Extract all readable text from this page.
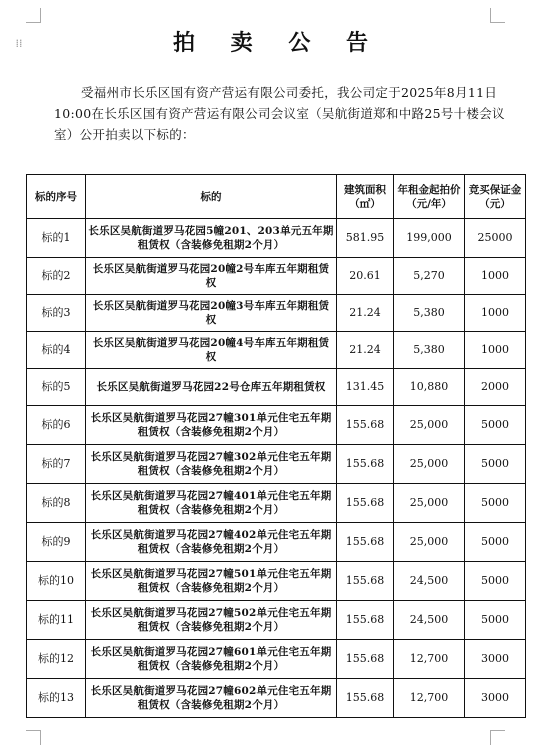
⁞⁞	拍 卖 公 告
受福州市长乐区国有资产营运有限公司委托，我公司定于2025年8月11日10:00在长乐区国有资产营运有限公司会议室（吴航街道郑和中路25号十楼会议室）公开拍卖以下标的：
标的序号	标的	建筑面积（㎡）	年租金起拍价（元/年）	竞买保证金（元）
标的1	长乐区吴航街道罗马花园5幢201、203单元五年期租赁权（含装修免租期2个月）	581.95	199,000	25000
标的2	长乐区吴航街道罗马花园20幢2号车库五年期租赁权	20.61	5,270	1000
标的3	长乐区吴航街道罗马花园20幢3号车库五年期租赁权	21.24	5,380	1000
标的4	长乐区吴航街道罗马花园20幢4号车库五年期租赁权	21.24	5,380	1000
标的5	长乐区吴航街道罗马花园22号仓库五年期租赁权	131.45	10,880	2000
标的6	长乐区吴航街道罗马花园27幢301单元住宅五年期租赁权（含装修免租期2个月）	155.68	25,000	5000
标的7	长乐区吴航街道罗马花园27幢302单元住宅五年期租赁权（含装修免租期2个月）	155.68	25,000	5000
标的8	长乐区吴航街道罗马花园27幢401单元住宅五年期租赁权（含装修免租期2个月）	155.68	25,000	5000
标的9	长乐区吴航街道罗马花园27幢402单元住宅五年期租赁权（含装修免租期2个月）	155.68	25,000	5000
标的10	长乐区吴航街道罗马花园27幢501单元住宅五年期租赁权（含装修免租期2个月）	155.68	24,500	5000
标的11	长乐区吴航街道罗马花园27幢502单元住宅五年期租赁权（含装修免租期2个月）	155.68	24,500	5000
标的12	长乐区吴航街道罗马花园27幢601单元住宅五年期租赁权（含装修免租期2个月）	155.68	12,700	3000
标的13	长乐区吴航街道罗马花园27幢602单元住宅五年期租赁权（含装修免租期2个月）	155.68	12,700	3000
